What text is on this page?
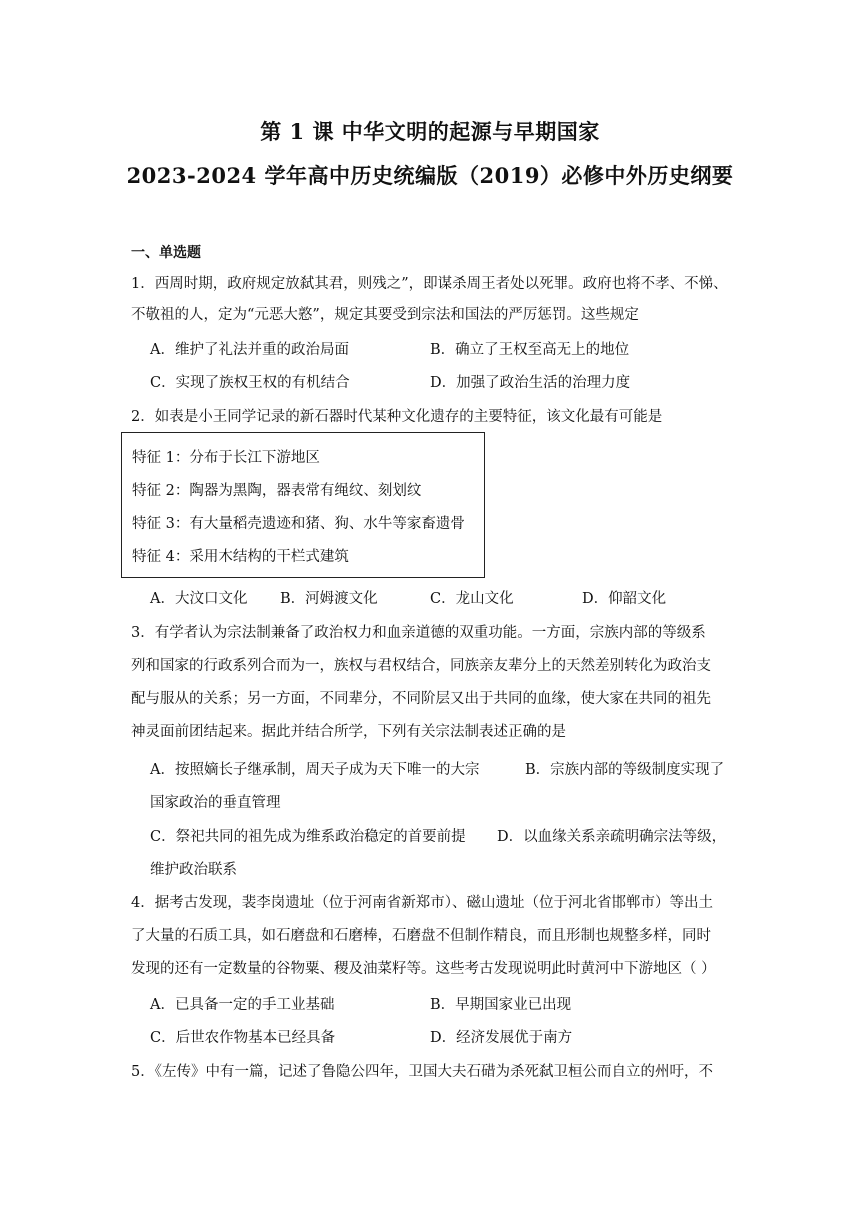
第 1 课 中华文明的起源与早期国家
2023-2024 学年高中历史统编版（2019）必修中外历史纲要
一、单选题
1．西周时期，政府规定放弑其君，则残之”，即谋杀周王者处以死罪。政府也将不孝、不悌、
不敬祖的人，定为“元恶大憝”，规定其要受到宗法和国法的严厉惩罚。这些规定
A．维护了礼法并重的政治局面	B．确立了王权至高无上的地位
C．实现了族权王权的有机结合	D．加强了政治生活的治理力度
2．如表是小王同学记录的新石器时代某种文化遗存的主要特征，该文化最有可能是
特征 1：分布于长江下游地区
特征 2：陶器为黑陶，器表常有绳纹、刻划纹
特征 3：有大量稻壳遗迹和猪、狗、水牛等家畜遗骨
特征 4：采用木结构的干栏式建筑
A．大汶口文化 B．河姆渡文化	C．龙山文化	D．仰韶文化
3．有学者认为宗法制兼备了政治权力和血亲道德的双重功能。一方面，宗族内部的等级系
列和国家的行政系列合而为一，族权与君权结合，同族亲友辈分上的天然差别转化为政治支
配与服从的关系；另一方面，不同辈分，不同阶层又出于共同的血缘，使大家在共同的祖先
神灵面前团结起来。据此并结合所学，下列有关宗法制表述正确的是
A．按照嫡长子继承制，周天子成为天下唯一的大宗	B．宗族内部的等级制度实现了
国家政治的垂直管理
C．祭祀共同的祖先成为维系政治稳定的首要前提 D．以血缘关系亲疏明确宗法等级，
维护政治联系
4．据考古发现，裴李岗遗址（位于河南省新郑市）、磁山遗址（位于河北省邯郸市）等出土
了大量的石质工具，如石磨盘和石磨棒，石磨盘不但制作精良，而且形制也规整多样，同时
发现的还有一定数量的谷物粟、稷及油菜籽等。这些考古发现说明此时黄河中下游地区（ ）
A．已具备一定的手工业基础	B．早期国家业已出现
C．后世农作物基本已经具备	D．经济发展优于南方
5．《左传》中有一篇，记述了鲁隐公四年，卫国大夫石碏为杀死弑卫桓公而自立的州吁，不
